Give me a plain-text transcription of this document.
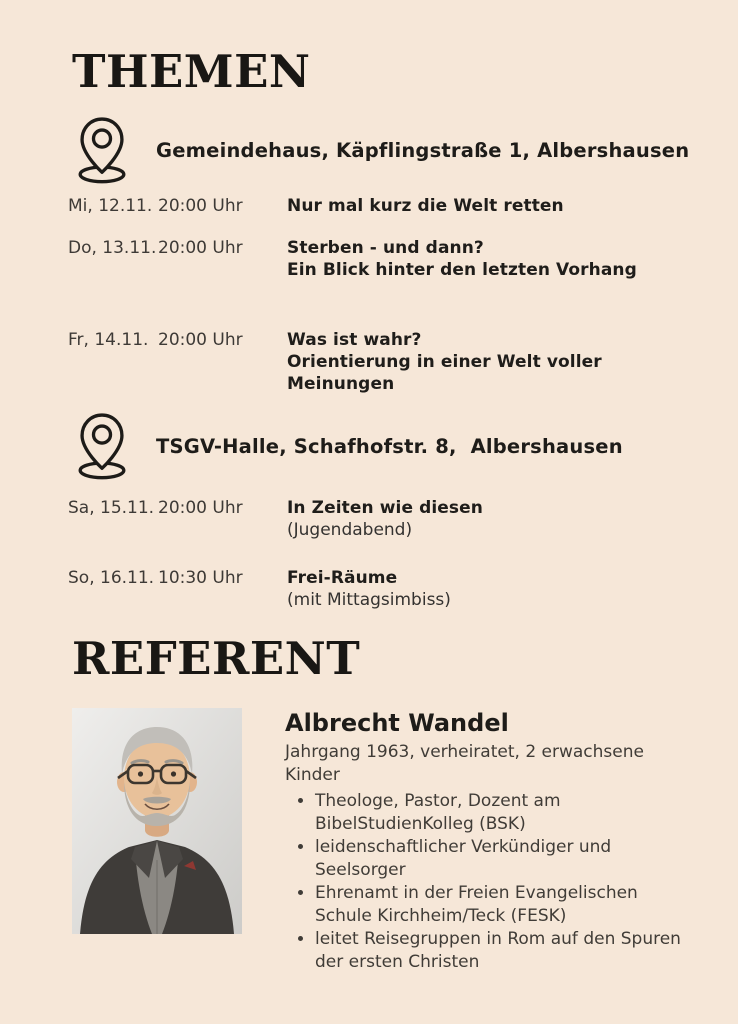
THEMEN
Gemeindehaus, Käpflingstraße 1, Albershausen
Mi, 12.11. 20:00 Uhr	Nur mal kurz die Welt retten
Do, 13.11.20:00 Uhr	Sterben - und dann?
Ein Blick hinter den letzten Vorhang
Fr, 14.11. 20:00 Uhr	Was ist wahr?
Orientierung in einer Welt voller
Meinungen
TSGV-Halle, Schafhofstr. 8,  Albershausen
Sa, 15.11. 20:00 Uhr	In Zeiten wie diesen
(Jugendabend)
So, 16.11. 10:30 Uhr	Frei-Räume
(mit Mittagsimbiss)
REFERENT
Albrecht Wandel
Jahrgang 1963, verheiratet, 2 erwachsene Kinder
• Theologe, Pastor, Dozent am BibelStudienKolleg (BSK)
• leidenschaftlicher Verkündiger und Seelsorger
• Ehrenamt in der Freien Evangelischen Schule Kirchheim/Teck (FESK)
• leitet Reisegruppen in Rom auf den Spuren der ersten Christen
